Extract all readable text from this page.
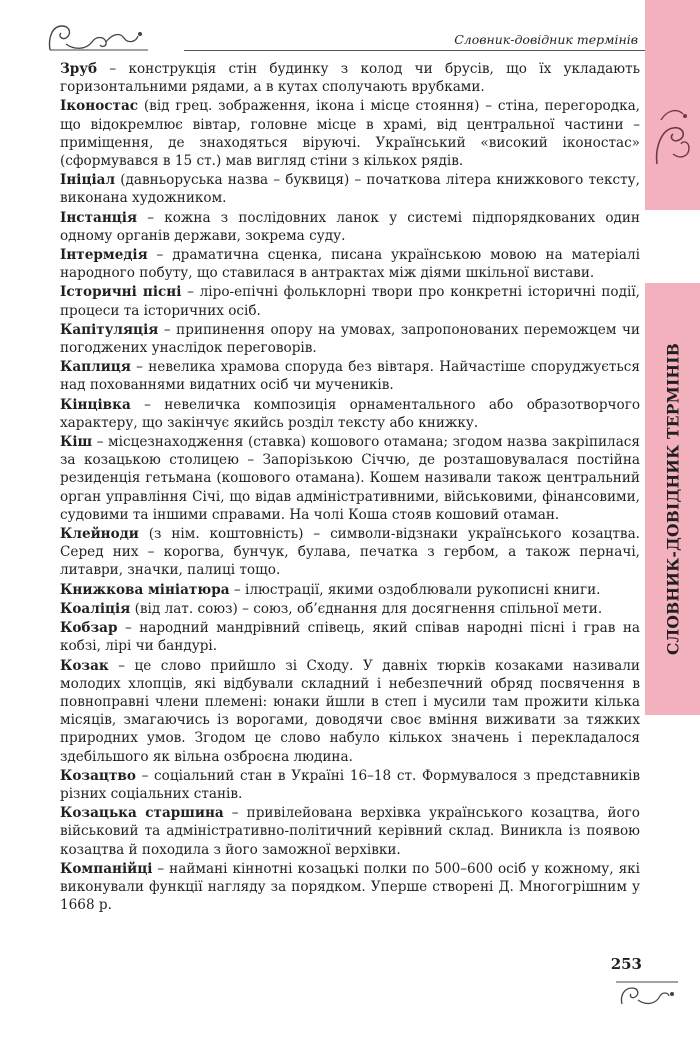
Словник-довідник термінів
СЛОВНИК-ДОВІДНИК ТЕРМІНІВ

Зруб – конструкція стін будинку з колод чи брусів, що їх укладають горизонтальними рядами, а в кутах сполучають врубками.

Іконостас (від грец. зображення, ікона і місце стояння) – стіна, перегородка, що відокремлює вівтар, головне місце в храмі, від центральної частини – приміщення, де знаходяться віруючі. Український «високий іконостас» (сформувався в 15 ст.) мав вигляд стіни з кількох рядів.

Ініціал (давньоруська назва – буквиця) – початкова літера книжкового тексту, виконана художником.

Інстанція – кожна з послідовних ланок у системі підпорядкованих один одному органів держави, зокрема суду.

Інтермедія – драматична сценка, писана українською мовою на матеріалі народного побуту, що ставилася в антрактах між діями шкільної вистави.

Історичні пісні – ліро-епічні фольклорні твори про конкретні історичні події, процеси та історичних осіб.

Капітуляція – припинення опору на умовах, запропонованих переможцем чи погоджених унаслідок переговорів.

Каплиця – невелика храмова споруда без вівтаря. Найчастіше споруджується над похованнями видатних осіб чи мучеників.

Кінцівка – невеличка композиція орнаментального або образотворчого характеру, що закінчує якийсь розділ тексту або книжку.

Кіш – місцезнаходження (ставка) кошового отамана; згодом назва закріпилася за козацькою столицею – Запорізькою Січчю, де розташовувалася постійна резиденція гетьмана (кошового отамана). Кошем називали також центральний орган управління Січі, що відав адміністративними, військовими, фінансовими, судовими та іншими справами. На чолі Коша стояв кошовий отаман.

Клейноди (з нім. коштовність) – символи-відзнаки українського козацтва. Серед них – корогва, бунчук, булава, печатка з гербом, а також перначі, литаври, значки, палиці тощо.

Книжкова мініатюра – ілюстрації, якими оздоблювали рукописні книги.

Коаліція (від лат. союз) – союз, об’єднання для досягнення спільної мети.

Кобзар – народний мандрівний співець, який співав народні пісні і грав на кобзі, лірі чи бандурі.

Козак – це слово прийшло зі Сходу. У давніх тюрків козаками називали молодих хлопців, які відбували складний і небезпечний обряд посвячення в повноправні члени племені: юнаки йшли в степ і мусили там прожити кілька місяців, змагаючись із ворогами, доводячи своє вміння виживати за тяжких природних умов. Згодом це слово набуло кількох значень і перекладалося здебільшого як вільна озброєна людина.

Козацтво – соціальний стан в Україні 16–18 ст. Формувалося з представників різних соціальних станів.

Козацька старшина – привілейована верхівка українського козацтва, його військовий та адміністративно-політичний керівний склад. Виникла із появою козацтва й походила з його заможної верхівки.

Компанійці – наймані кіннотні козацькі полки по 500–600 осіб у кожному, які виконували функції нагляду за порядком. Уперше створені Д. Многогрішним у 1668 р.

253
